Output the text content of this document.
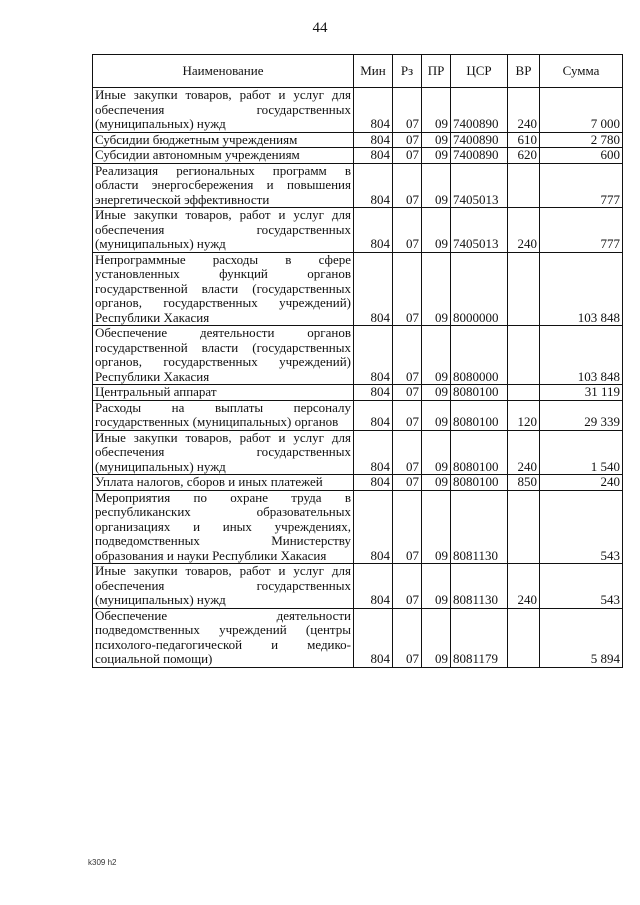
44
Наименование	Мин	Рз	ПР	ЦСР	ВР	Сумма
Иные закупки товаров, работ и услуг для обеспечения государственных (муниципальных) нужд	804	07	09	7400890	240	7 000
Субсидии бюджетным учреждениям	804	07	09	7400890	610	2 780
Субсидии автономным учреждениям	804	07	09	7400890	620	600
Реализация региональных программ в области энергосбережения и повышения энергетической эффективности	804	07	09	7405013		777
Иные закупки товаров, работ и услуг для обеспечения государственных (муниципальных) нужд	804	07	09	7405013	240	777
Непрограммные расходы в сфере установленных функций органов государственной власти (государственных органов, государственных учреждений) Республики Хакасия	804	07	09	8000000		103 848
Обеспечение деятельности органов государственной власти (государственных органов, государственных учреждений) Республики Хакасия	804	07	09	8080000		103 848
Центральный аппарат	804	07	09	8080100		31 119
Расходы на выплаты персоналу государственных (муниципальных) органов	804	07	09	8080100	120	29 339
Иные закупки товаров, работ и услуг для обеспечения государственных (муниципальных) нужд	804	07	09	8080100	240	1 540
Уплата налогов, сборов и иных платежей	804	07	09	8080100	850	240
Мероприятия по охране труда в республиканских образовательных организациях и иных учреждениях, подведомственных Министерству образования и науки Республики Хакасия	804	07	09	8081130		543
Иные закупки товаров, работ и услуг для обеспечения государственных (муниципальных) нужд	804	07	09	8081130	240	543
Обеспечение деятельности подведомственных учреждений (центры психолого-педагогической и медико-социальной помощи)	804	07	09	8081179		5 894
k309 h2
